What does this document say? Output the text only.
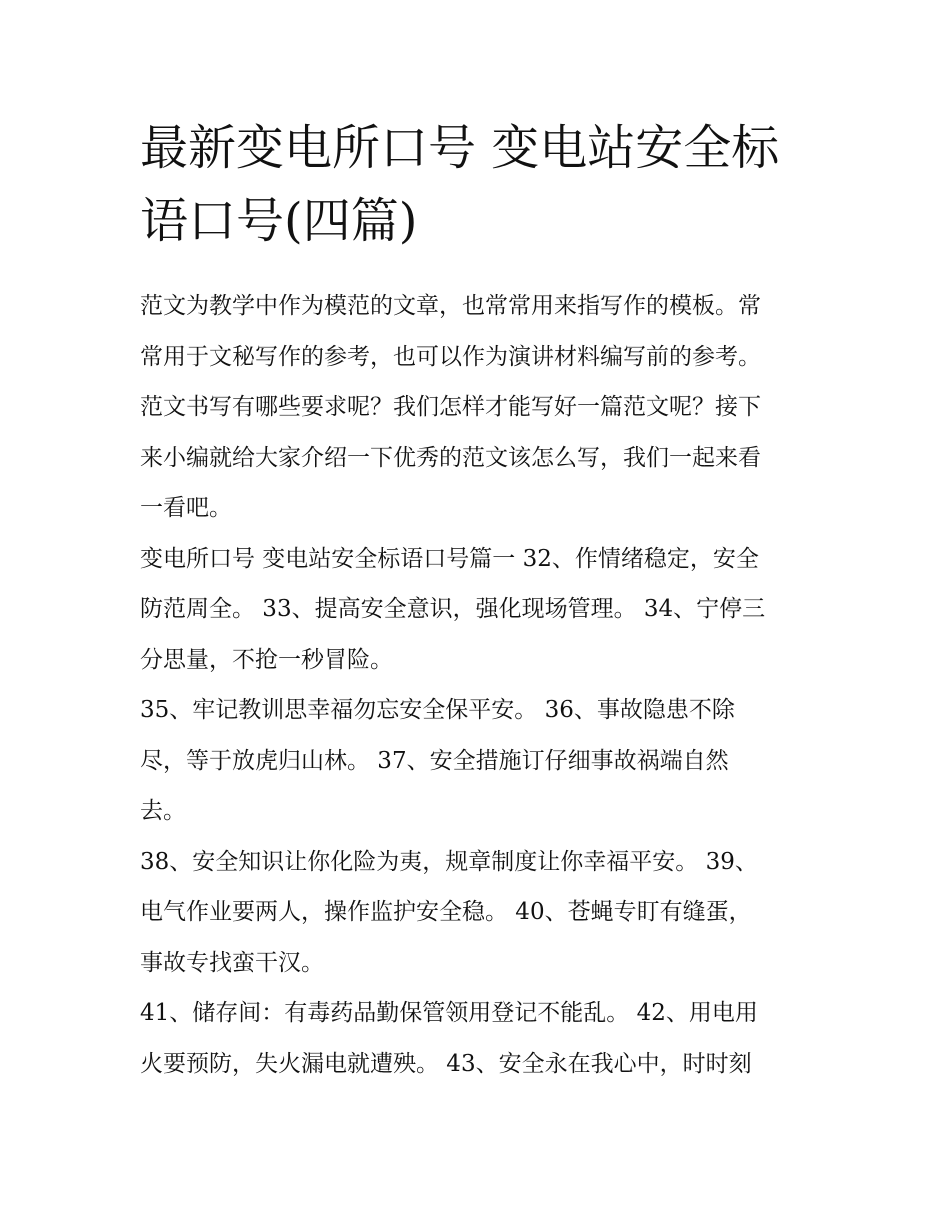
最新变电所口号 变电站安全标
语口号(四篇)

范文为教学中作为模范的文章，也常常用来指写作的模板。常
常用于文秘写作的参考，也可以作为演讲材料编写前的参考。
范文书写有哪些要求呢？我们怎样才能写好一篇范文呢？接下
来小编就给大家介绍一下优秀的范文该怎么写，我们一起来看
一看吧。

变电所口号 变电站安全标语口号篇一 32、作情绪稳定，安全
防范周全。 33、提高安全意识，强化现场管理。 34、宁停三
分思量，不抢一秒冒险。

35、牢记教训思幸福勿忘安全保平安。 36、事故隐患不除
尽，等于放虎归山林。 37、安全措施订仔细事故祸端自然
去。

38、安全知识让你化险为夷，规章制度让你幸福平安。 39、
电气作业要两人，操作监护安全稳。 40、苍蝇专盯有缝蛋，
事故专找蛮干汉。

41、储存间：有毒药品勤保管领用登记不能乱。 42、用电用
火要预防，失火漏电就遭殃。 43、安全永在我心中，时时刻
